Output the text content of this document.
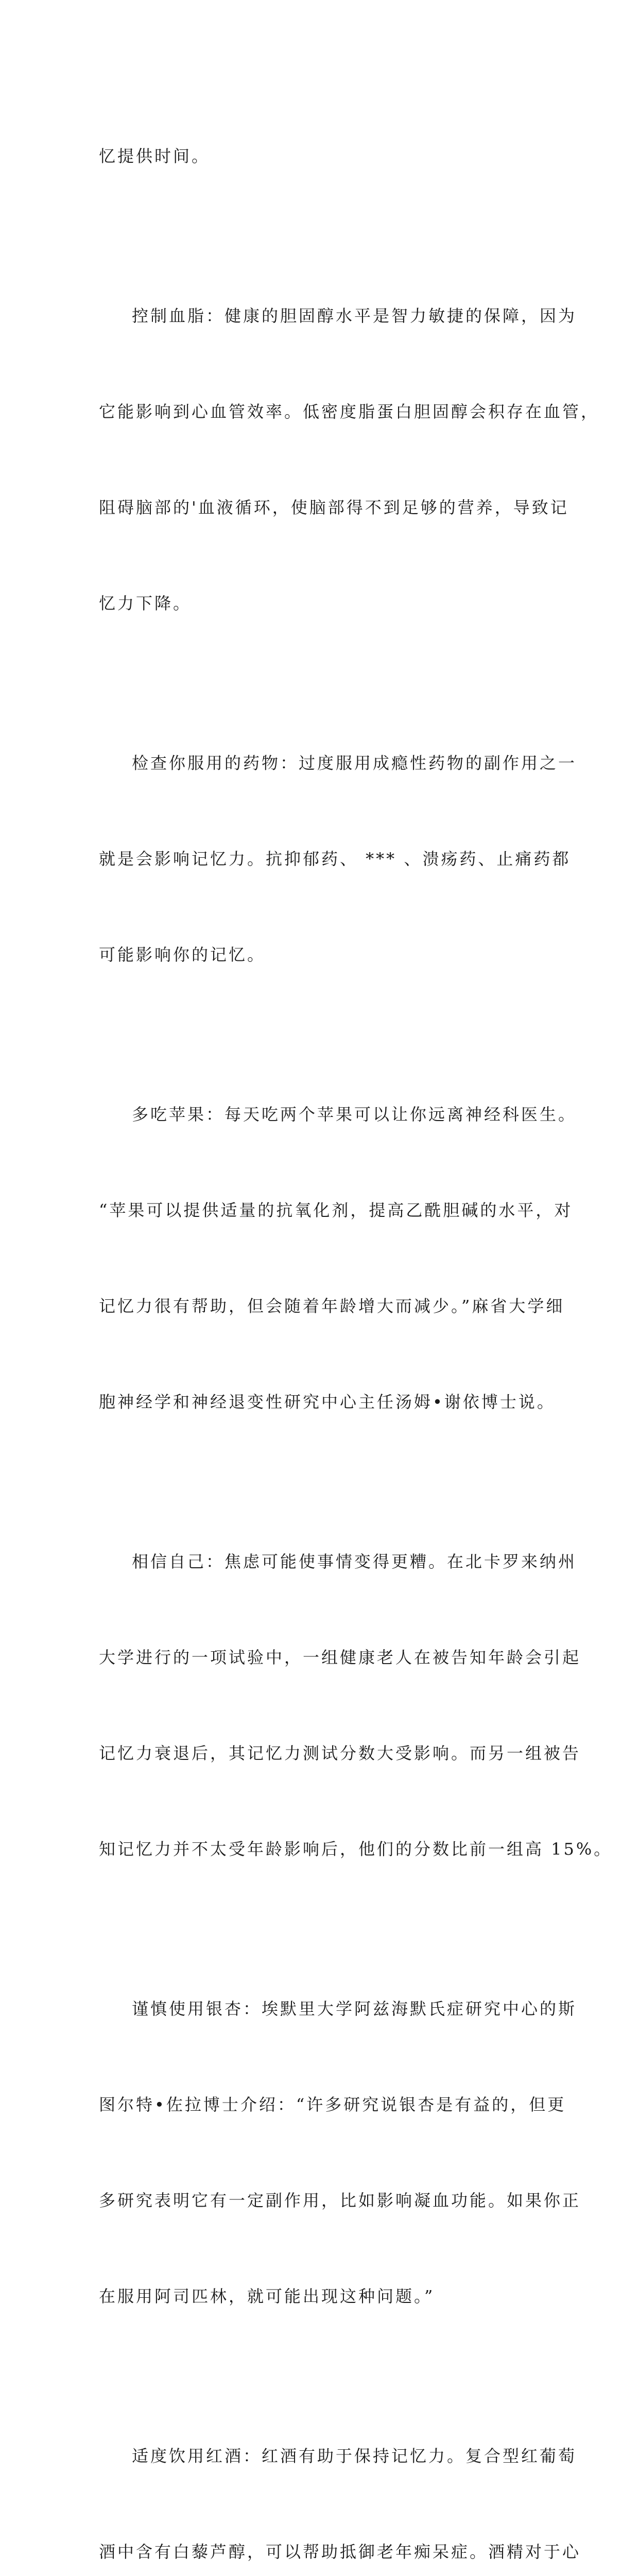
忆提供时间。

控制血脂：健康的胆固醇水平是智力敏捷的保障，因为

它能影响到心血管效率。低密度脂蛋白胆固醇会积存在血管，

阻碍脑部的'血液循环，使脑部得不到足够的营养，导致记

忆力下降。

检查你服用的药物：过度服用成瘾性药物的副作用之一

就是会影响记忆力。抗抑郁药、 *** 、溃疡药、止痛药都

可能影响你的记忆。

多吃苹果：每天吃两个苹果可以让你远离神经科医生。

“苹果可以提供适量的抗氧化剂，提高乙酰胆碱的水平，对

记忆力很有帮助，但会随着年龄增大而减少。”麻省大学细

胞神经学和神经退变性研究中心主任汤姆•谢依博士说。

相信自己：焦虑可能使事情变得更糟。在北卡罗来纳州

大学进行的一项试验中，一组健康老人在被告知年龄会引起

记忆力衰退后，其记忆力测试分数大受影响。而另一组被告

知记忆力并不太受年龄影响后，他们的分数比前一组高 15%。

谨慎使用银杏：埃默里大学阿兹海默氏症研究中心的斯

图尔特•佐拉博士介绍：“许多研究说银杏是有益的，但更

多研究表明它有一定副作用，比如影响凝血功能。如果你正

在服用阿司匹林，就可能出现这种问题。”

适度饮用红酒：红酒有助于保持记忆力。复合型红葡萄

酒中含有白藜芦醇，可以帮助抵御老年痴呆症。酒精对于心
